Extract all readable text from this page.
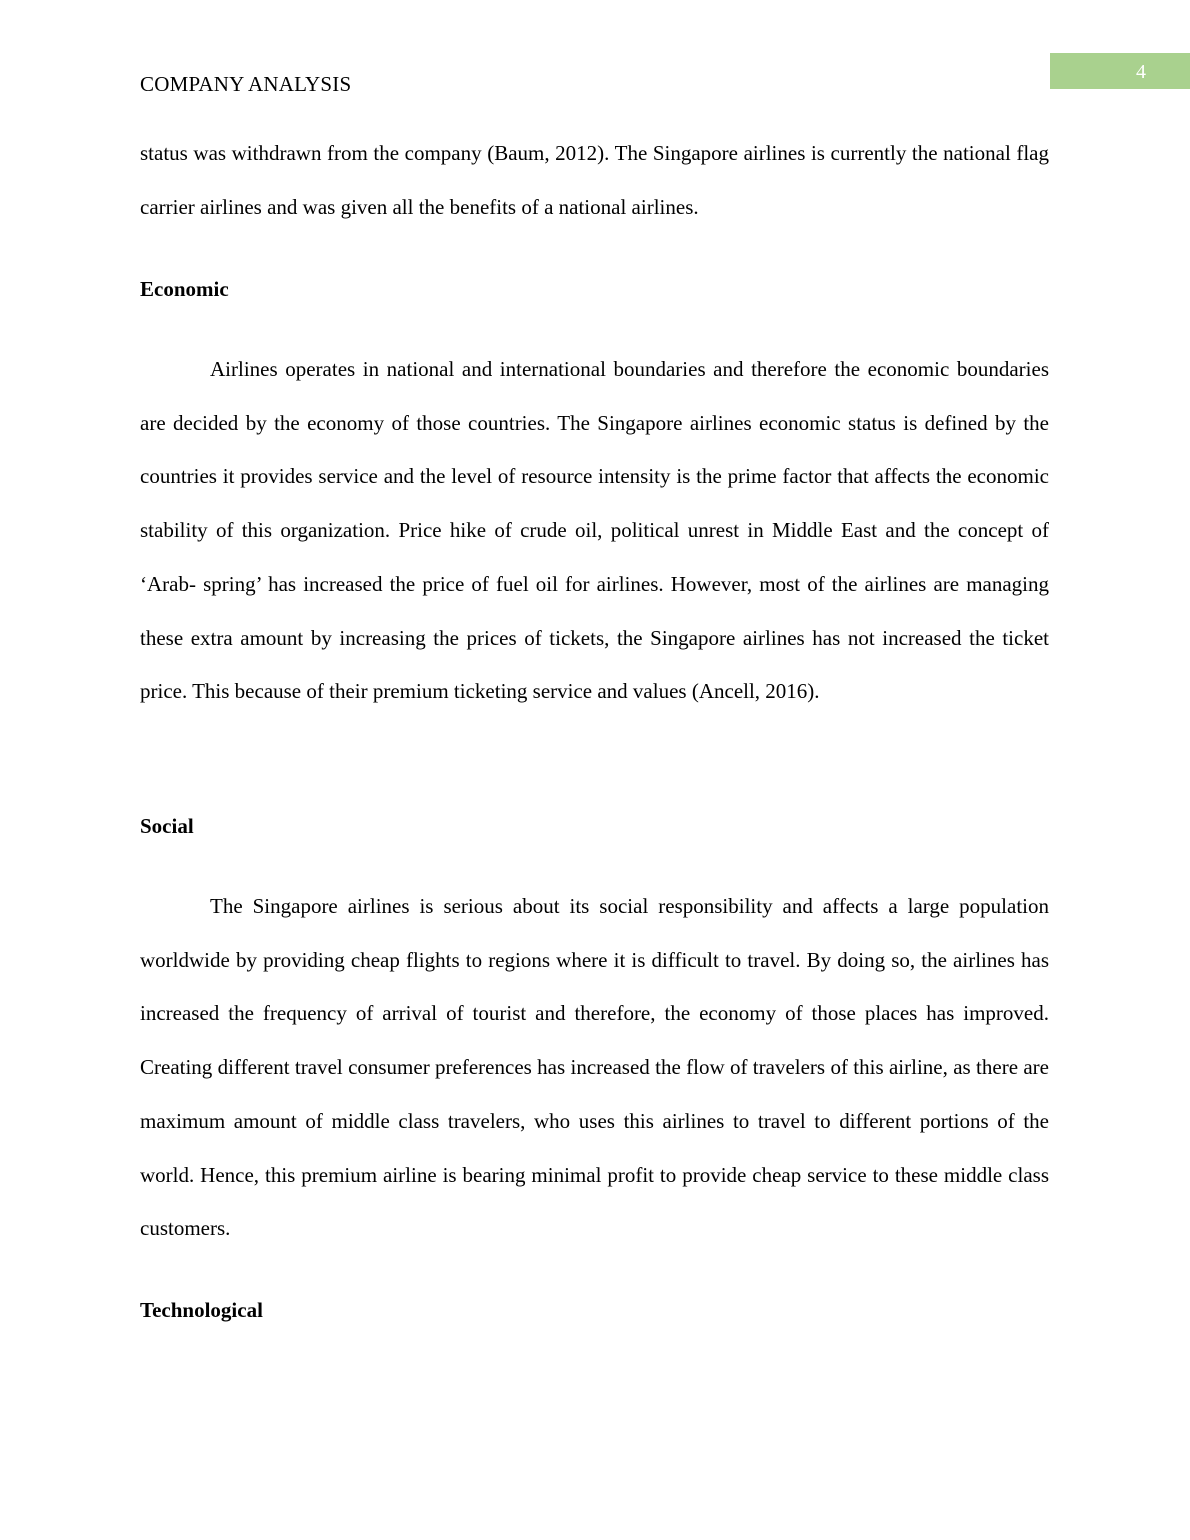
COMPANY ANALYSIS	4

status was withdrawn from the company (Baum, 2012). The Singapore airlines is currently the national flag carrier airlines and was given all the benefits of a national airlines.

Economic

Airlines operates in national and international boundaries and therefore the economic boundaries are decided by the economy of those countries. The Singapore airlines economic status is defined by the countries it provides service and the level of resource intensity is the prime factor that affects the economic stability of this organization. Price hike of crude oil, political unrest in Middle East and the concept of ‘Arab- spring’ has increased the price of fuel oil for airlines. However, most of the airlines are managing these extra amount by increasing the prices of tickets, the Singapore airlines has not increased the ticket price. This because of their premium ticketing service and values (Ancell, 2016).

Social

The Singapore airlines is serious about its social responsibility and affects a large population worldwide by providing cheap flights to regions where it is difficult to travel. By doing so, the airlines has increased the frequency of arrival of tourist and therefore, the economy of those places has improved. Creating different travel consumer preferences has increased the flow of travelers of this airline, as there are maximum amount of middle class travelers, who uses this airlines to travel to different portions of the world. Hence, this premium airline is bearing minimal profit to provide cheap service to these middle class customers.

Technological
